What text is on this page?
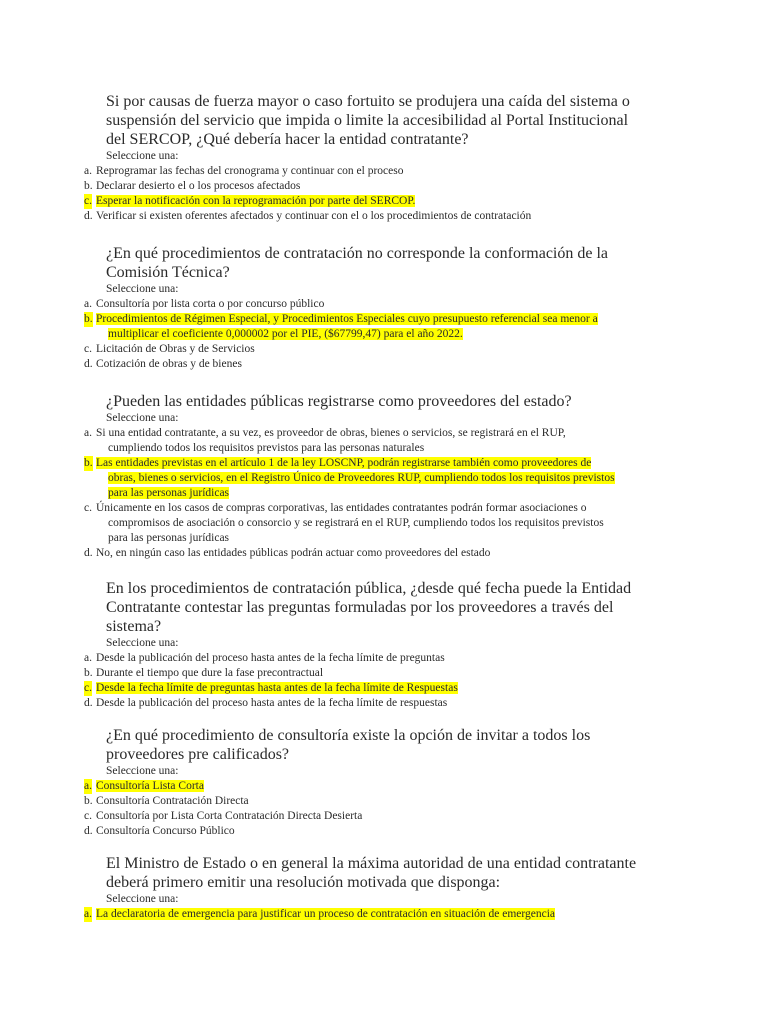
Si por causas de fuerza mayor o caso fortuito se produjera una caída del sistema o suspensión del servicio que impida o limite la accesibilidad al Portal Institucional del SERCOP, ¿Qué debería hacer la entidad contratante?
Seleccione una:
a. Reprogramar las fechas del cronograma y continuar con el proceso
b. Declarar desierto el o los procesos afectados
c. Esperar la notificación con la reprogramación por parte del SERCOP.
d. Verificar si existen oferentes afectados y continuar con el o los procedimientos de contratación
¿En qué procedimientos de contratación no corresponde la conformación de la Comisión Técnica?
Seleccione una:
a. Consultoría por lista corta o por concurso público
b. Procedimientos de Régimen Especial, y Procedimientos Especiales cuyo presupuesto referencial sea menor a
multiplicar el coeficiente 0,000002 por el PIE, ($67799,47) para el año 2022.
c. Licitación de Obras y de Servicios
d. Cotización de obras y de bienes
¿Pueden las entidades públicas registrarse como proveedores del estado?
Seleccione una:
a. Si una entidad contratante, a su vez, es proveedor de obras, bienes o servicios, se registrará en el RUP,
cumpliendo todos los requisitos previstos para las personas naturales
b. Las entidades previstas en el artículo 1 de la ley LOSCNP, podrán registrarse también como proveedores de
obras, bienes o servicios, en el Registro Único de Proveedores RUP, cumpliendo todos los requisitos previstos
para las personas jurídicas
c. Únicamente en los casos de compras corporativas, las entidades contratantes podrán formar asociaciones o
compromisos de asociación o consorcio y se registrará en el RUP, cumpliendo todos los requisitos previstos
para las personas jurídicas
d. No, en ningún caso las entidades públicas podrán actuar como proveedores del estado
En los procedimientos de contratación pública, ¿desde qué fecha puede la Entidad Contratante contestar las preguntas formuladas por los proveedores a través del sistema?
Seleccione una:
a. Desde la publicación del proceso hasta antes de la fecha límite de preguntas
b. Durante el tiempo que dure la fase precontractual
c. Desde la fecha límite de preguntas hasta antes de la fecha límite de Respuestas
d. Desde la publicación del proceso hasta antes de la fecha límite de respuestas
¿En qué procedimiento de consultoría existe la opción de invitar a todos los proveedores pre calificados?
Seleccione una:
a. Consultoría Lista Corta
b. Consultoría Contratación Directa
c. Consultoría por Lista Corta Contratación Directa Desierta
d. Consultoría Concurso Público
El Ministro de Estado o en general la máxima autoridad de una entidad contratante deberá primero emitir una resolución motivada que disponga:
Seleccione una:
a. La declaratoria de emergencia para justificar un proceso de contratación en situación de emergencia
